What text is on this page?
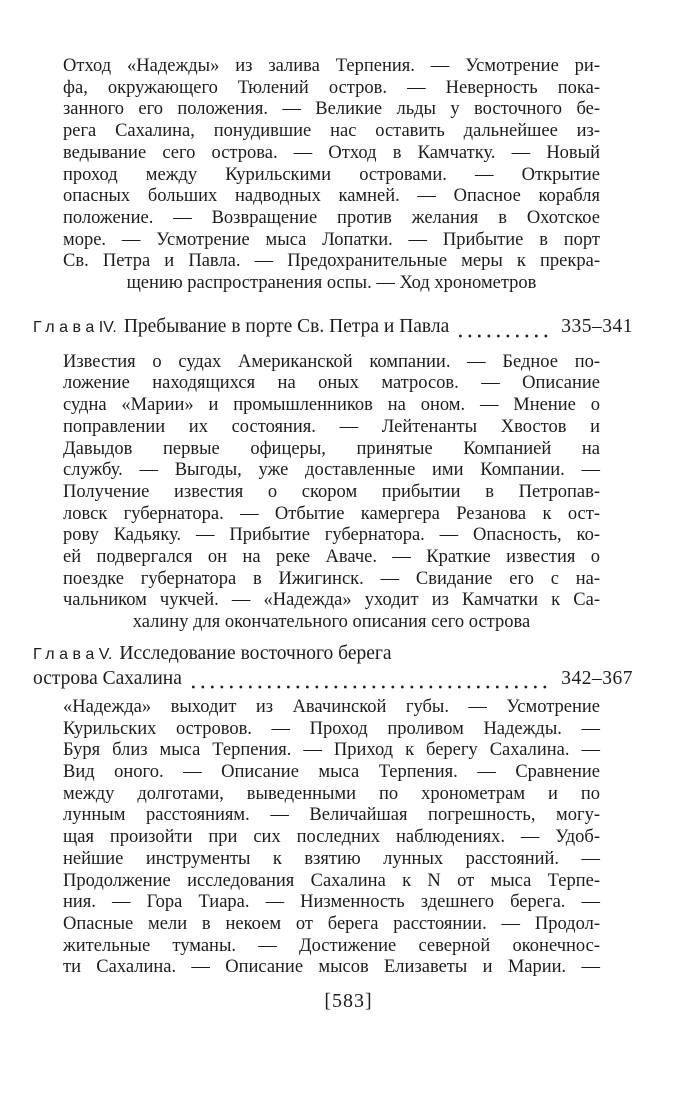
Отход «Надежды» из залива Терпения. — Усмотрение ри-
фа, окружающего Тюлений остров. — Неверность пока-
занного его положения. — Великие льды у восточного бе-
рега Сахалина, понудившие нас оставить дальнейшее из-
ведывание сего острова. — Отход в Камчатку. — Новый
проход между Курильскими островами. — Открытие
опасных больших надводных камней. — Опасное корабля
положение. — Возвращение против желания в Охотское
море. — Усмотрение мыса Лопатки. — Прибытие в порт
Св. Петра и Павла. — Предохранительные меры к прекра-
щению распространения оспы. — Ход хронометров
Глава IV. Пребывание в порте Св. Петра и Павла	335–341
Известия о судах Американской компании. — Бедное по-
ложение находящихся на оных матросов. — Описание
судна «Марии» и промышленников на оном. — Мнение о
поправлении их состояния. — Лейтенанты Хвостов и
Давыдов первые офицеры, принятые Компанией на
службу. — Выгоды, уже доставленные ими Компании. —
Получение известия о скором прибытии в Петропав-
ловск губернатора. — Отбытие камергера Резанова к ост-
рову Кадьяку. — Прибытие губернатора. — Опасность, ко-
ей подвергался он на реке Аваче. — Краткие известия о
поездке губернатора в Ижигинск. — Свидание его с на-
чальником чукчей. — «Надежда» уходит из Камчатки к Са-
халину для окончательного описания сего острова
Глава V. Исследование восточного берега
острова Сахалина	342–367
«Надежда» выходит из Авачинской губы. — Усмотрение
Курильских островов. — Проход проливом Надежды. —
Буря близ мыса Терпения. — Приход к берегу Сахалина. —
Вид оного. — Описание мыса Терпения. — Сравнение
между долготами, выведенными по хронометрам и по
лунным расстояниям. — Величайшая погрешность, могу-
щая произойти при сих последних наблюдениях. — Удоб-
нейшие инструменты к взятию лунных расстояний. —
Продолжение исследования Сахалина к N от мыса Терпе-
ния. — Гора Тиара. — Низменность здешнего берега. —
Опасные мели в некоем от берега расстоянии. — Продол-
жительные туманы. — Достижение северной оконечнос-
ти Сахалина. — Описание мысов Елизаветы и Марии. —
[583]
